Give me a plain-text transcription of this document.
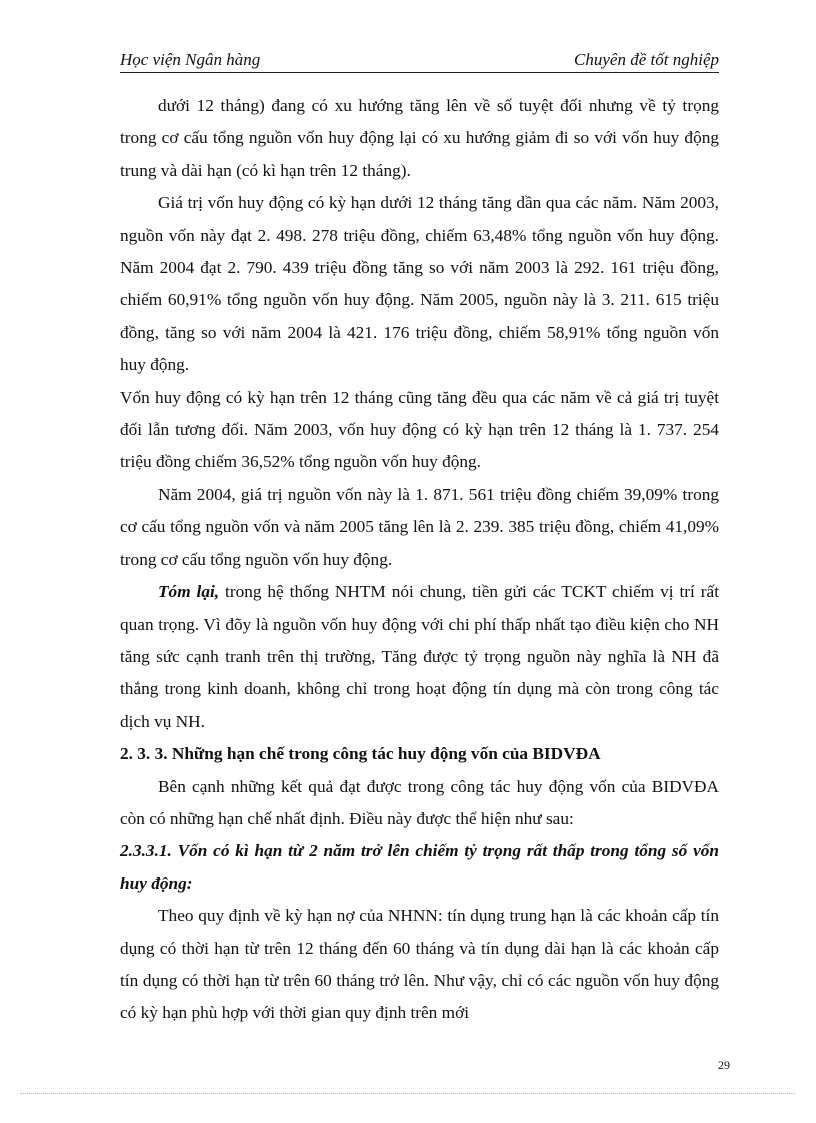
Học viện Ngân hàng	Chuyên đề tốt nghiệp

dưới 12 tháng) đang có xu hướng tăng lên về số tuyệt đối nhưng về tỷ trọng trong cơ cấu tổng nguồn vốn huy động lại có xu hướng giảm đi so với vốn huy động trung và dài hạn (có kì hạn trên 12 tháng).

Giá trị vốn huy động có kỳ hạn dưới 12 tháng tăng dần qua các năm. Năm 2003, nguồn vốn này đạt 2. 498. 278 triệu đồng, chiếm 63,48% tổng nguồn vốn huy động. Năm 2004 đạt 2. 790. 439 triệu đồng tăng so với năm 2003 là 292. 161 triệu đồng, chiếm 60,91% tổng nguồn vốn huy động. Năm 2005, nguồn này là 3. 211. 615 triệu đồng, tăng so với năm 2004 là 421. 176 triệu đồng, chiếm 58,91% tổng nguồn vốn huy động.

Vốn huy động có kỳ hạn trên 12 tháng cũng tăng đều qua các năm về cả giá trị tuyệt đối lẫn tương đối. Năm 2003, vốn huy động có kỳ hạn trên 12 tháng là 1. 737. 254 triệu đồng chiếm 36,52% tổng nguồn vốn huy động.

Năm 2004, giá trị nguồn vốn này là 1. 871. 561 triệu đồng chiếm 39,09% trong cơ cấu tổng nguồn vốn và năm 2005 tăng lên là 2. 239. 385 triệu đồng, chiếm 41,09% trong cơ cấu tổng nguồn vốn huy động.

Tóm lại, trong hệ thống NHTM nói chung, tiền gửi các TCKT chiếm vị trí rất quan trọng. Vì đõy là nguồn vốn huy động với chi phí thấp nhất tạo điều kiện cho NH tăng sức cạnh tranh trên thị trường, Tăng được tỷ trọng nguồn này nghĩa là NH đã thắng trong kinh doanh, không chỉ trong hoạt động tín dụng mà còn trong công tác dịch vụ NH.

2. 3. 3. Những hạn chế trong công tác huy động vốn của BIDVĐA

Bên cạnh những kết quả đạt được trong công tác huy động vốn của BIDVĐA còn có những hạn chế nhất định. Điều này được thể hiện như sau:

2.3.3.1. Vốn có kì hạn từ 2 năm trở lên chiếm tỷ trọng rất thấp trong tổng số vốn huy động:

Theo quy định về kỳ hạn nợ của NHNN: tín dụng trung hạn là các khoản cấp tín dụng có thời hạn từ trên 12 tháng đến 60 tháng và tín dụng dài hạn là các khoản cấp tín dụng có thời hạn từ trên 60 tháng trở lên. Như vậy, chỉ có các nguồn vốn huy động có kỳ hạn phù hợp với thời gian quy định trên mới

29
